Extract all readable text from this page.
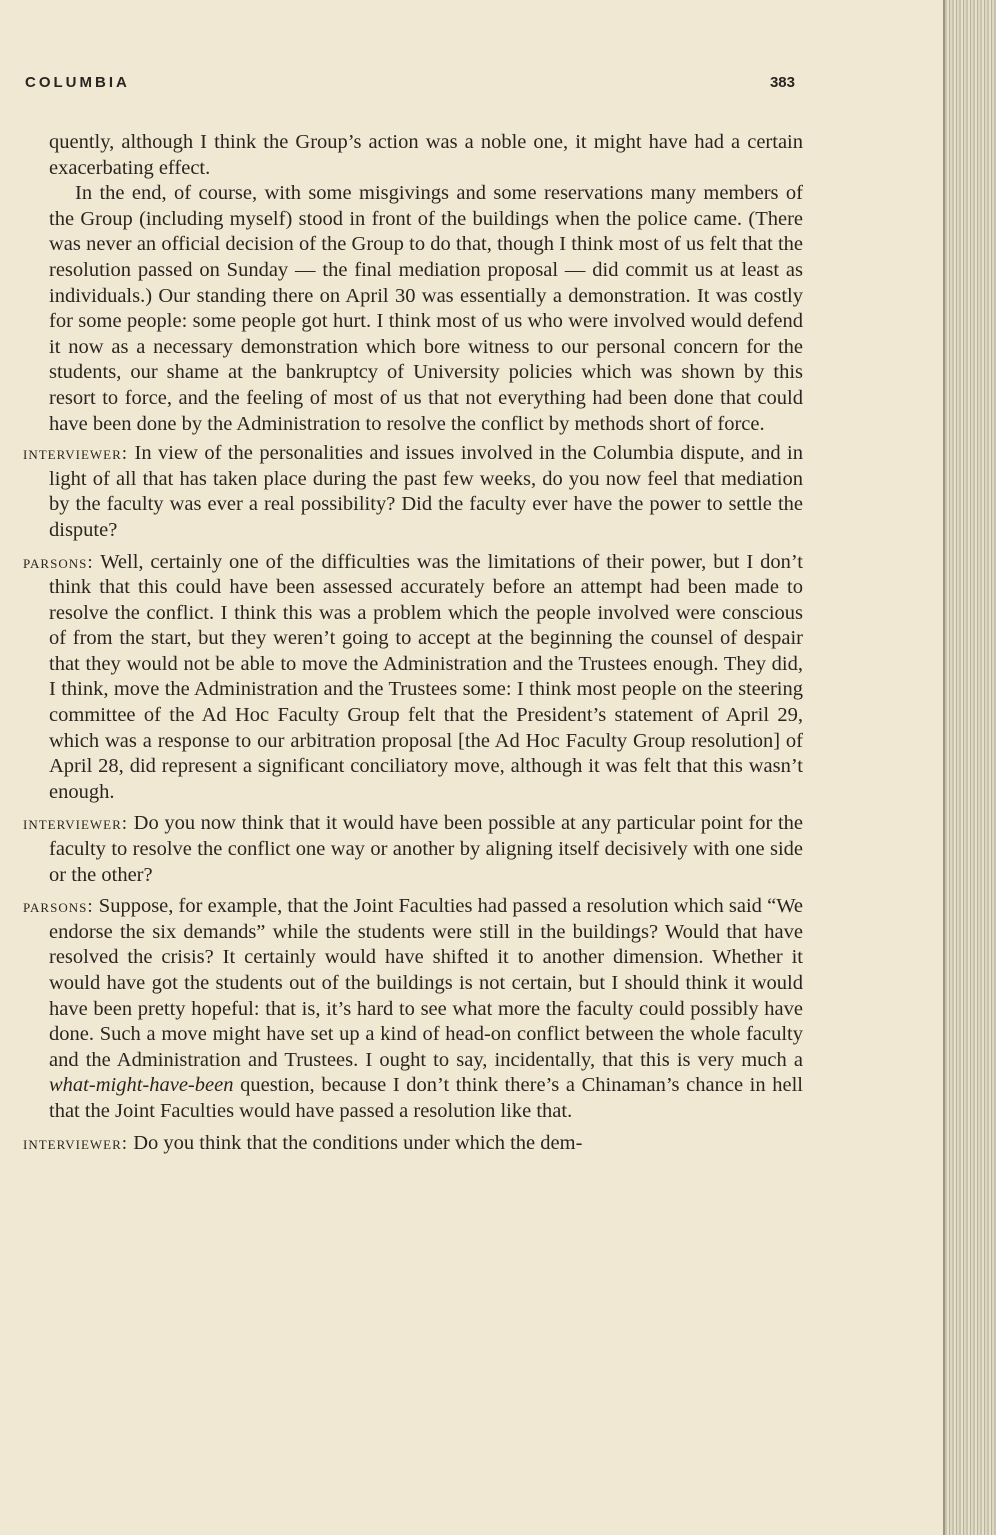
COLUMBIA	383

quently, although I think the Group’s action was a noble one, it might have had a certain exacerbating effect.

In the end, of course, with some misgivings and some reservations many members of the Group (including myself) stood in front of the buildings when the police came. (There was never an official decision of the Group to do that, though I think most of us felt that the resolution passed on Sunday — the final mediation proposal — did commit us at least as individuals.) Our standing there on April 30 was essentially a demonstration. It was costly for some people: some people got hurt. I think most of us who were involved would defend it now as a necessary demonstration which bore witness to our personal concern for the students, our shame at the bankruptcy of University policies which was shown by this resort to force, and the feeling of most of us that not everything had been done that could have been done by the Administration to resolve the conflict by methods short of force.

interviewer: In view of the personalities and issues involved in the Columbia dispute, and in light of all that has taken place during the past few weeks, do you now feel that mediation by the faculty was ever a real possibility? Did the faculty ever have the power to settle the dispute?

parsons: Well, certainly one of the difficulties was the limitations of their power, but I don’t think that this could have been assessed accurately before an attempt had been made to resolve the conflict. I think this was a problem which the people involved were conscious of from the start, but they weren’t going to accept at the beginning the counsel of despair that they would not be able to move the Administration and the Trustees enough. They did, I think, move the Administration and the Trustees some: I think most people on the steering committee of the Ad Hoc Faculty Group felt that the President’s statement of April 29, which was a response to our arbitration proposal [the Ad Hoc Faculty Group resolution] of April 28, did represent a significant conciliatory move, although it was felt that this wasn’t enough.

interviewer: Do you now think that it would have been possible at any particular point for the faculty to resolve the conflict one way or another by aligning itself decisively with one side or the other?

parsons: Suppose, for example, that the Joint Faculties had passed a resolution which said “We endorse the six demands” while the students were still in the buildings? Would that have resolved the crisis? It certainly would have shifted it to another dimension. Whether it would have got the students out of the buildings is not certain, but I should think it would have been pretty hopeful: that is, it’s hard to see what more the faculty could possibly have done. Such a move might have set up a kind of head-on conflict between the whole faculty and the Administration and Trustees. I ought to say, incidentally, that this is very much a what-might-have-been question, because I don’t think there’s a Chinaman’s chance in hell that the Joint Faculties would have passed a resolution like that.

interviewer: Do you think that the conditions under which the dem-
